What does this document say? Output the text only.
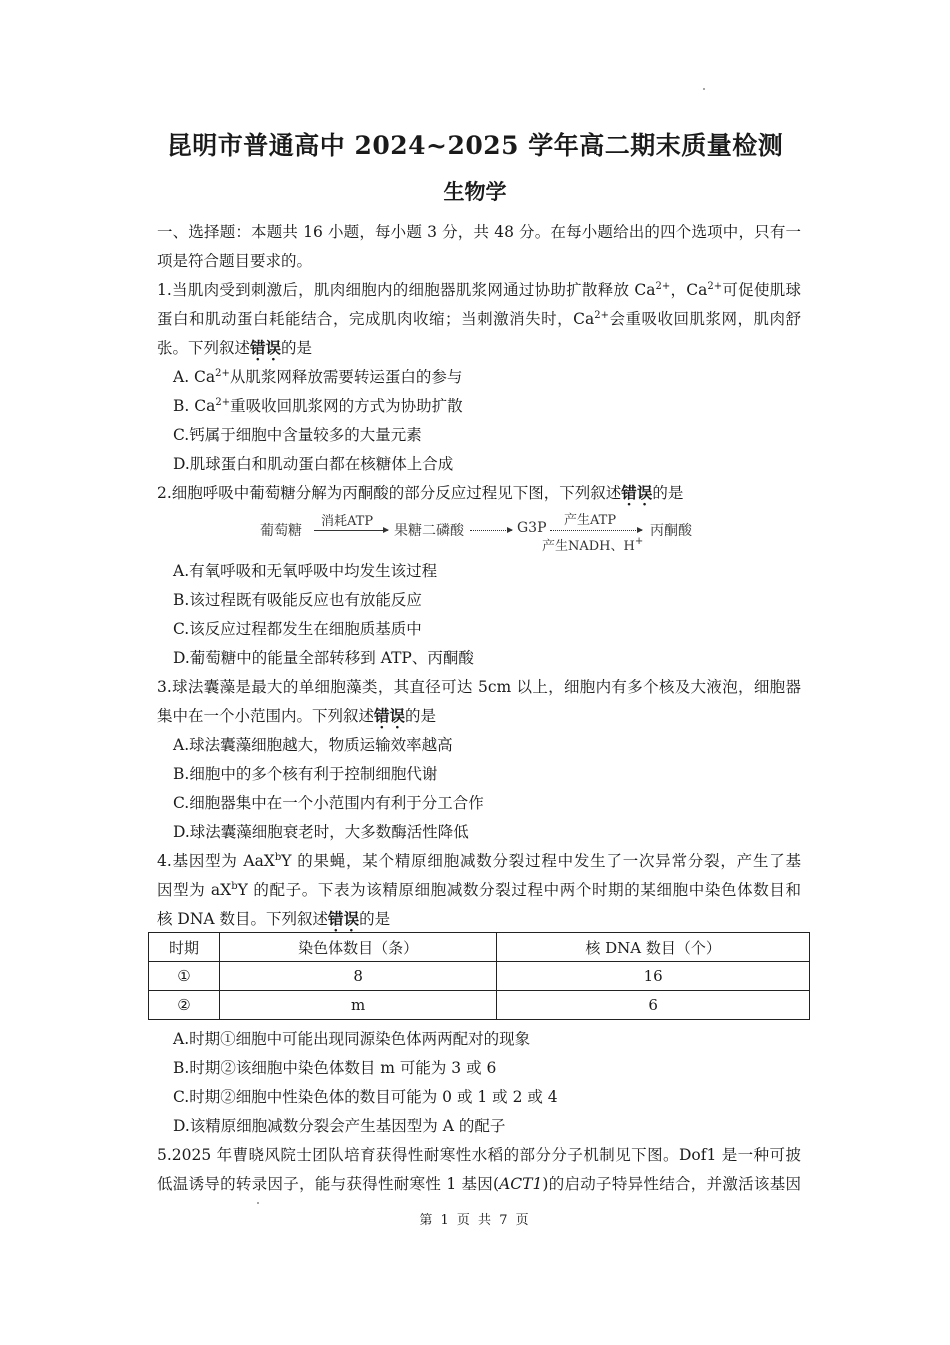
昆明市普通高中 2024~2025 学年高二期末质量检测
生物学
一、选择题：本题共 16 小题，每小题 3 分，共 48 分。在每小题给出的四个选项中，只有一
项是符合题目要求的。
1.当肌肉受到刺激后，肌肉细胞内的细胞器肌浆网通过协助扩散释放 $Ca^{2+}$，$Ca^{2+}$可促使肌球
蛋白和肌动蛋白耗能结合，完成肌肉收缩；当刺激消失时，$Ca^{2+}$会重吸收回肌浆网，肌肉舒
张。下列叙述错误的是
A. $Ca^{2+}$从肌浆网释放需要转运蛋白的参与
B. $Ca^{2+}$重吸收回肌浆网的方式为协助扩散
C.钙属于细胞中含量较多的大量元素
D.肌球蛋白和肌动蛋白都在核糖体上合成
2.细胞呼吸中葡萄糖分解为丙酮酸的部分反应过程见下图，下列叙述错误的是
葡萄糖
消耗ATP
果糖二磷酸	G3P 产生ATP
产生NADH、H+
丙酮酸
A.有氧呼吸和无氧呼吸中均发生该过程
B.该过程既有吸能反应也有放能反应
C.该反应过程都发生在细胞质基质中
D.葡萄糖中的能量全部转移到 ATP、丙酮酸
3.球法囊藻是最大的单细胞藻类，其直径可达 5cm 以上，细胞内有多个核及大液泡，细胞器
集中在一个小范围内。下列叙述错误的是
A.球法囊藻细胞越大，物质运输效率越高
B.细胞中的多个核有利于控制细胞代谢
C.细胞器集中在一个小范围内有利于分工合作
D.球法囊藻细胞衰老时，大多数酶活性降低
4.基因型为 AaX$^b$Y 的果蝇，某个精原细胞减数分裂过程中发生了一次异常分裂，产生了基
因型为 $aX^bY$ 的配子。下表为该精原细胞减数分裂过程中两个时期的某细胞中染色体数目和
核 DNA 数目。下列叙述错误的是
时期	染色体数目（条）	核 DNA 数目（个）
①	8	16
②	m	6
A.时期①细胞中可能出现同源染色体两两配对的现象
B.时期②该细胞中染色体数目 m 可能为 3 或 6
C.时期②细胞中性染色体的数目可能为 0 或 1 或 2 或 4
D.该精原细胞减数分裂会产生基因型为 A 的配子
5.2025 年曹晓风院士团队培育获得性耐寒性水稻的部分分子机制见下图。Dof1 是一种可披
低温诱导的转录因子，能与获得性耐寒性 1 基因(ACT1)的启动子特异性结合，并激活该基因
第 1 页 共 7 页
